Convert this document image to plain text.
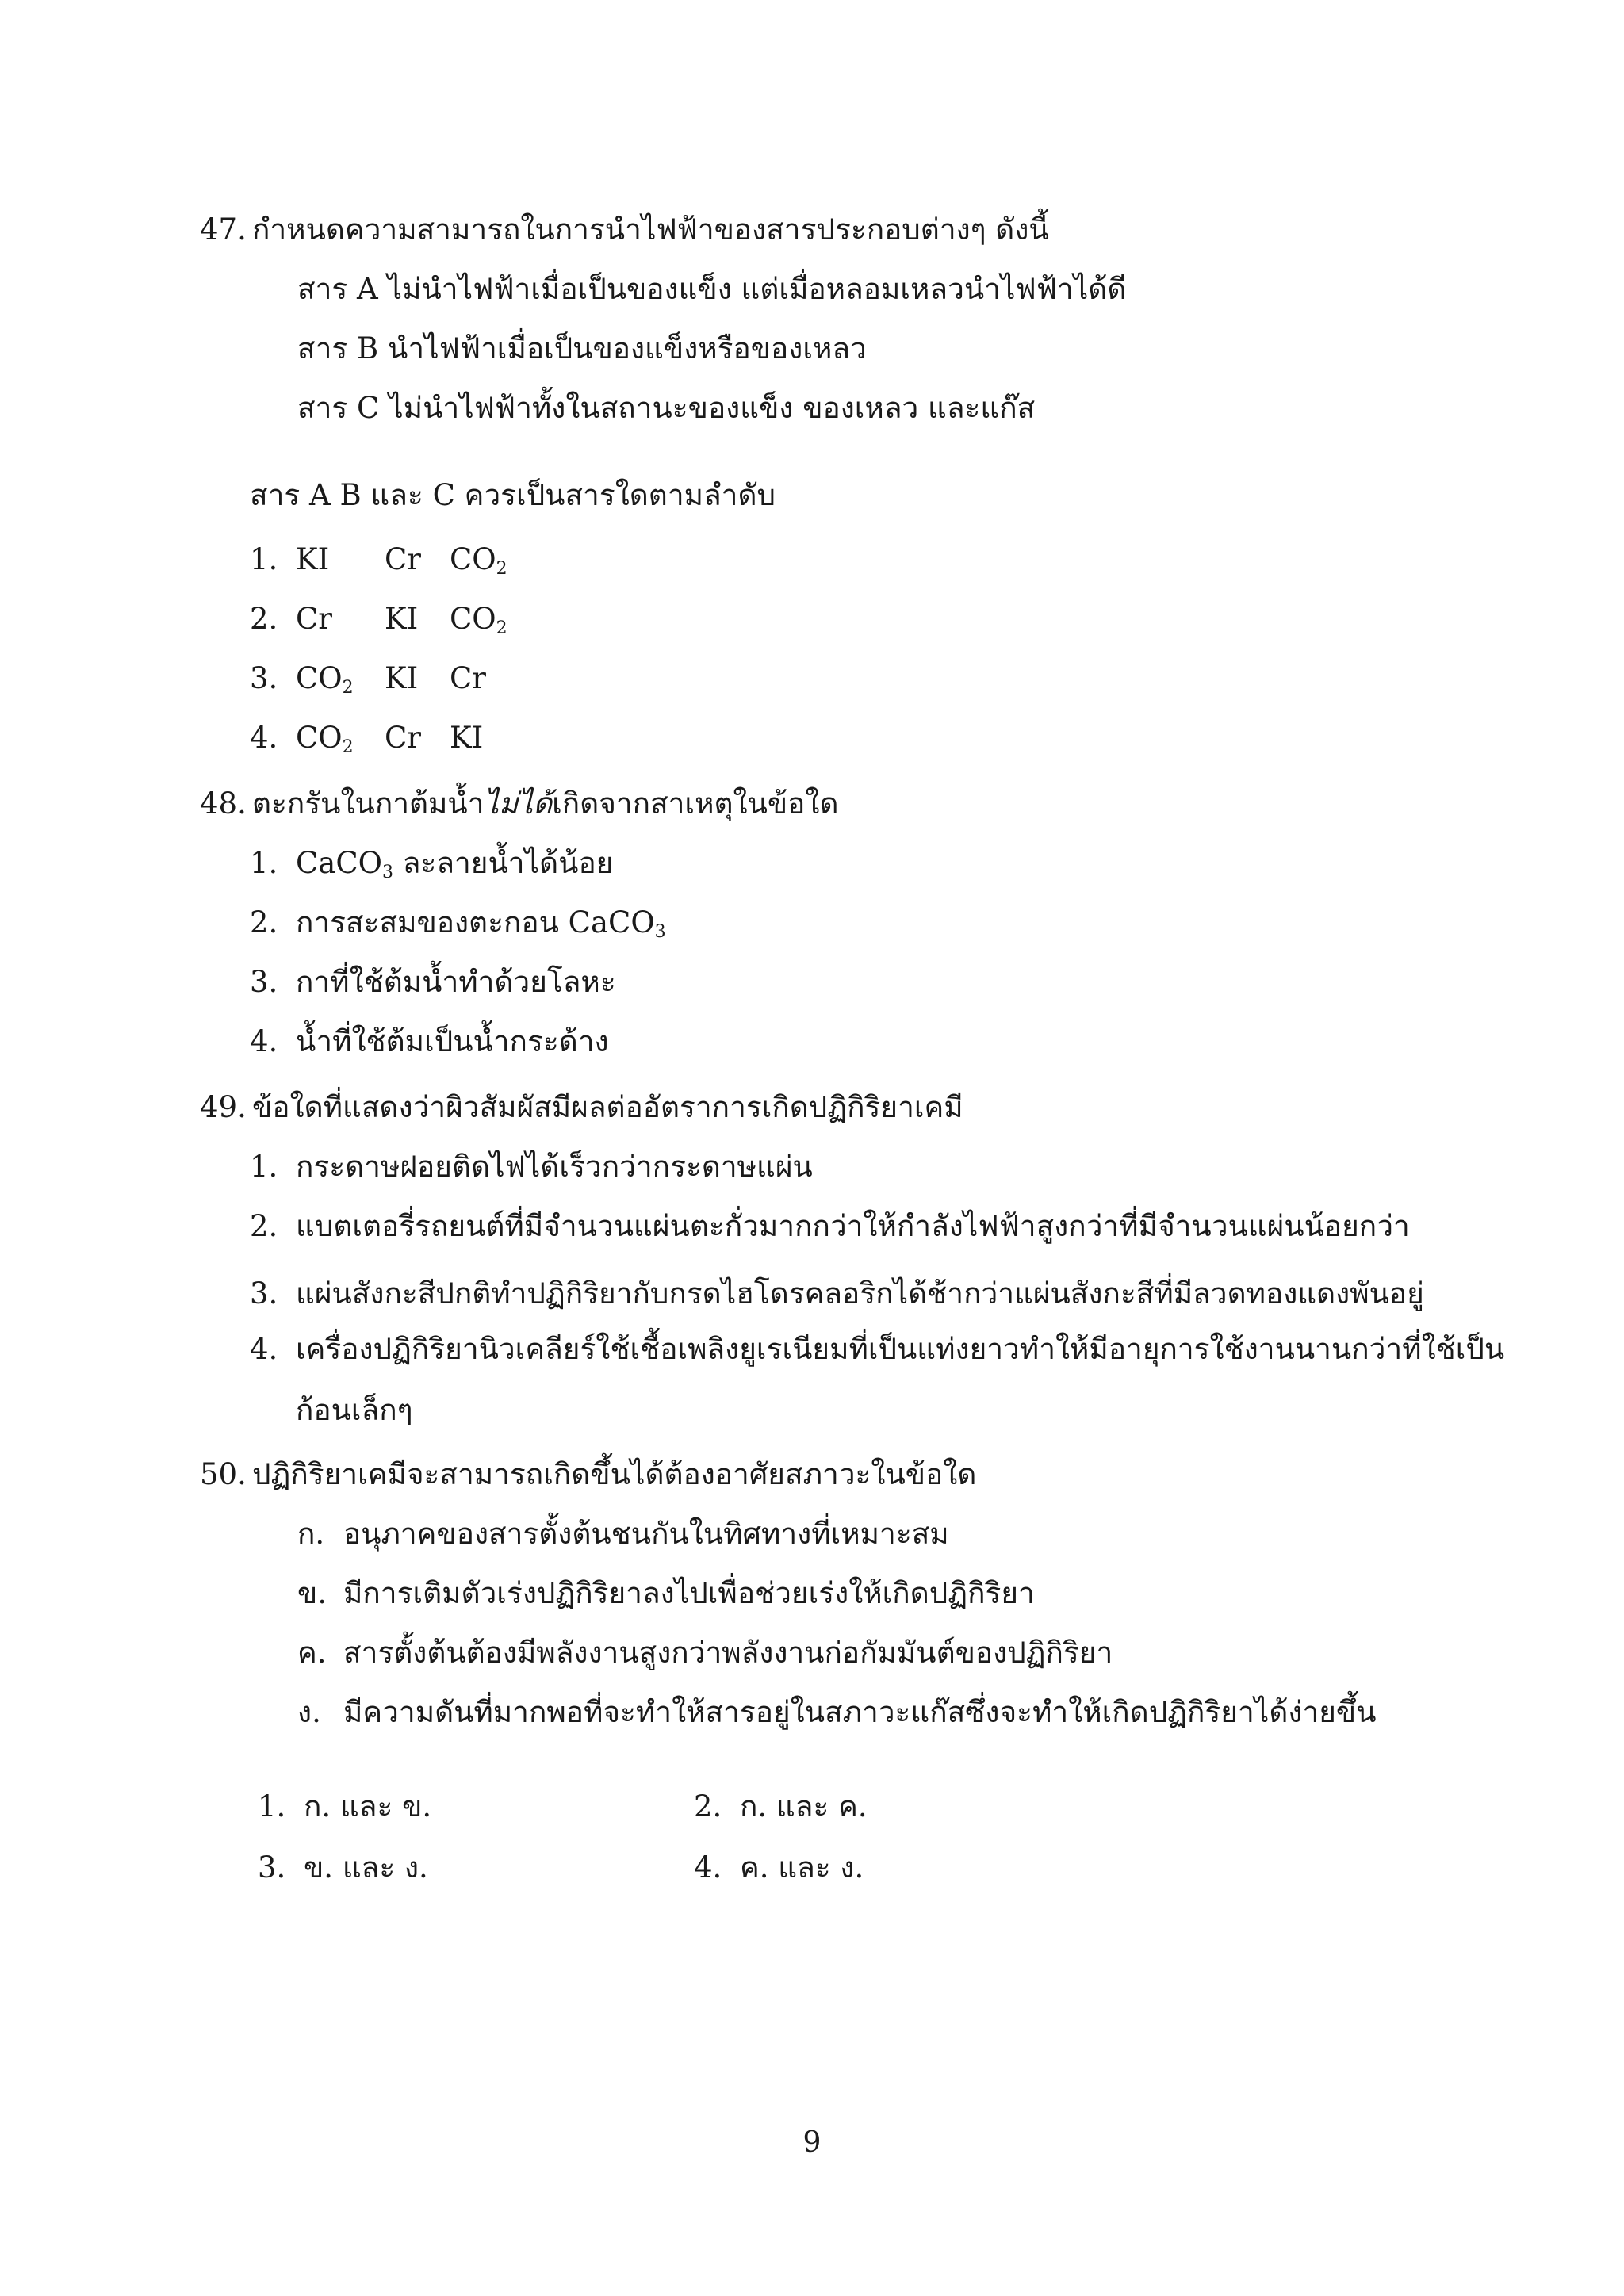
47. กำหนดความสามารถในการนำไฟฟ้าของสารประกอบต่างๆ ดังนี้
สาร A ไม่นำไฟฟ้าเมื่อเป็นของแข็ง แต่เมื่อหลอมเหลวนำไฟฟ้าได้ดี
สาร B นำไฟฟ้าเมื่อเป็นของแข็งหรือของเหลว
สาร C ไม่นำไฟฟ้าทั้งในสถานะของแข็ง ของเหลว และแก๊ส
สาร A B และ C ควรเป็นสารใดตามลำดับ
1. KI Cr $CO_2$
2. Cr KI $CO_2$
3. $CO_2$ KI Cr
4. $CO_2$ Cr KI
48. ตะกรันในกาต้มน้ำไม่ได้เกิดจากสาเหตุในข้อใด
1. CaCO$_3$ ละลายน้ำได้น้อย
2. การสะสมของตะกอน CaCO$_3$
3. กาที่ใช้ต้มน้ำทำด้วยโลหะ
4. น้ำที่ใช้ต้มเป็นน้ำกระด้าง
49. ข้อใดที่แสดงว่าผิวสัมผัสมีผลต่ออัตราการเกิดปฏิกิริยาเคมี
1. กระดาษฝอยติดไฟได้เร็วกว่ากระดาษแผ่น
2. แบตเตอรี่รถยนต์ที่มีจำนวนแผ่นตะกั่วมากกว่าให้กำลังไฟฟ้าสูงกว่าที่มีจำนวนแผ่นน้อยกว่า
3. แผ่นสังกะสีปกติทำปฏิกิริยากับกรดไฮโดรคลอริกได้ช้ากว่าแผ่นสังกะสีที่มีลวดทองแดงพันอยู่
4. เครื่องปฏิกิริยานิวเคลียร์ใช้เชื้อเพลิงยูเรเนียมที่เป็นแท่งยาวทำให้มีอายุการใช้งานนานกว่าที่ใช้เป็น
ก้อนเล็กๆ
50. ปฏิกิริยาเคมีจะสามารถเกิดขึ้นได้ต้องอาศัยสภาวะในข้อใด
ก. อนุภาคของสารตั้งต้นชนกันในทิศทางที่เหมาะสม
ข. มีการเติมตัวเร่งปฏิกิริยาลงไปเพื่อช่วยเร่งให้เกิดปฏิกิริยา
ค. สารตั้งต้นต้องมีพลังงานสูงกว่าพลังงานก่อกัมมันต์ของปฏิกิริยา
ง. มีความดันที่มากพอที่จะทำให้สารอยู่ในสภาวะแก๊สซึ่งจะทำให้เกิดปฏิกิริยาได้ง่ายขึ้น
1. ก. และ ข.	2. ก. และ ค.
3. ข. และ ง.	4. ค. และ ง.
9
